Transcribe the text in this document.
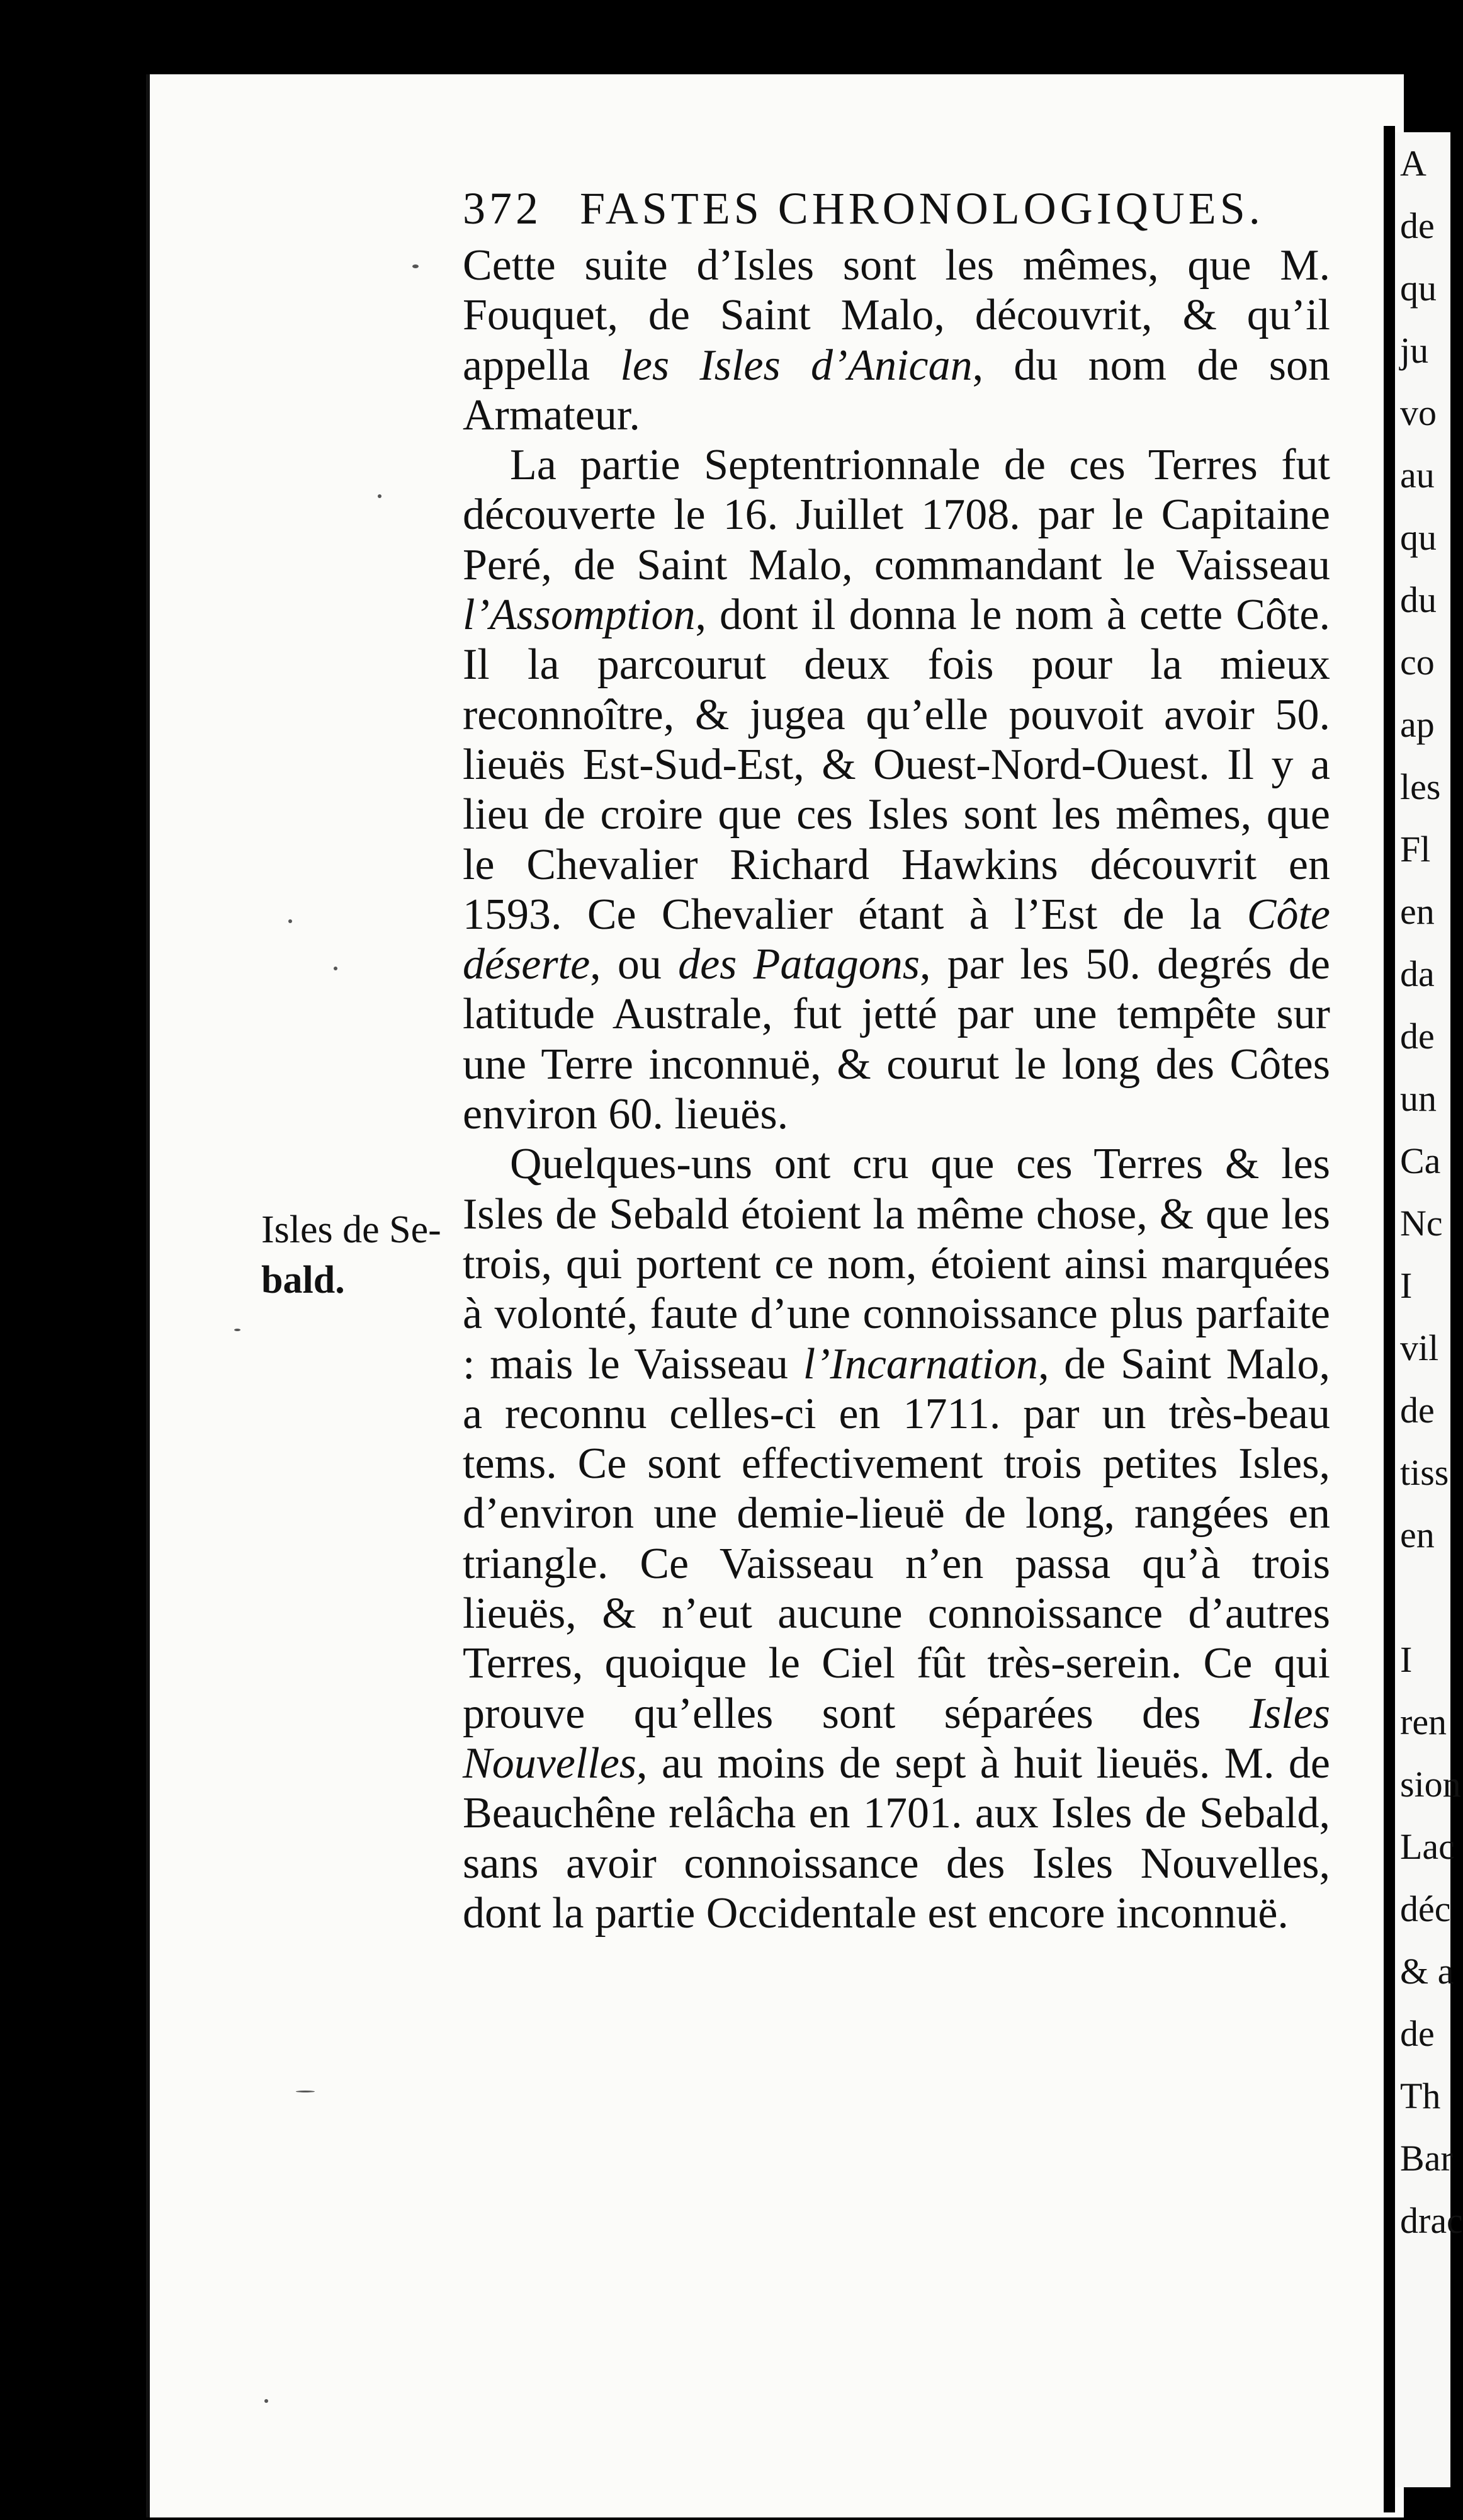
A
de
qu
ju
vo
au
qu
du
co
ap
les
Fl
en
da
de
un
Ca
Nc
I
vil
de
tiss
en
I
ren
sion
Lac
déc
& a
de
Th
Bar
drac
372 FASTES CHRONOLOGIQUES.
Isles de Se-
bald.

Cette suite d’Isles sont les mêmes, que M. Fouquet, de Saint Malo, découvrit, & qu’il appella les Isles d’Anican, du nom de son Armateur.

La partie Septentrionnale de ces Terres fut découverte le 16. Juillet 1708. par le Capitaine Peré, de Saint Malo, commandant le Vaisseau l’Assomption, dont il donna le nom à cette Côte. Il la parcourut deux fois pour la mieux reconnoître, & jugea qu’elle pouvoit avoir 50. lieuës Est-Sud-Est, & Ouest-Nord-Ouest. Il y a lieu de croire que ces Isles sont les mêmes, que le Chevalier Richard Hawkins découvrit en 1593. Ce Chevalier étant à l’Est de la Côte déserte, ou des Patagons, par les 50. degrés de latitude Australe, fut jetté par une tempête sur une Terre inconnuë, & courut le long des Côtes environ 60. lieuës.

Quelques-uns ont cru que ces Terres & les Isles de Sebald étoient la même chose, & que les trois, qui portent ce nom, étoient ainsi marquées à volonté, faute d’une connoissance plus parfaite : mais le Vaisseau l’Incarnation, de Saint Malo, a reconnu celles-ci en 1711. par un très-beau tems. Ce sont effectivement trois petites Isles, d’environ une demie-lieuë de long, rangées en triangle. Ce Vaisseau n’en passa qu’à trois lieuës, & n’eut aucune connoissance d’autres Terres, quoique le Ciel fût très-serein. Ce qui prouve qu’elles sont séparées des Isles Nouvelles, au moins de sept à huit lieuës. M. de Beauchêne relâcha en 1701. aux Isles de Sebald, sans avoir connoissance des Isles Nouvelles, dont la partie Occidentale est encore inconnuë.
